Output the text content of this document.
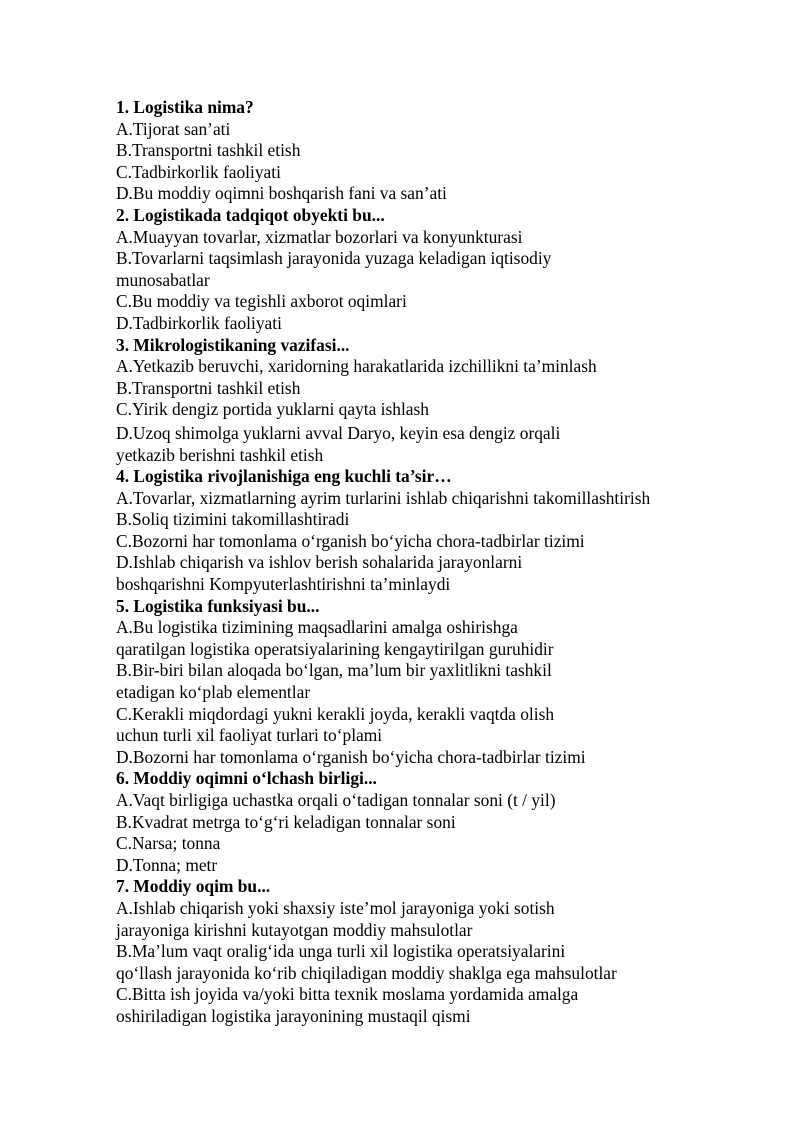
1. Logistika nima?
A.Tijorat san’ati
B.Transportni tashkil etish
C.Tadbirkorlik faoliyati
D.Bu moddiy oqimni boshqarish fani va san’ati
2. Logistikada tadqiqot obyekti bu...
A.Muayyan tovarlar, xizmatlar bozorlari va konyunkturasi
B.Tovarlarni taqsimlash jarayonida yuzaga keladigan iqtisodiy
munosabatlar
C.Bu moddiy va tegishli axborot oqimlari
D.Tadbirkorlik faoliyati
3. Mikrologistikaning vazifasi...
A.Yetkazib beruvchi, xaridorning harakatlarida izchillikni ta’minlash
B.Transportni tashkil etish
C.Yirik dengiz portida yuklarni qayta ishlash
D.Uzoq shimolga yuklarni avval Daryo, keyin esa dengiz orqali
yetkazib berishni tashkil etish
4. Logistika rivojlanishiga eng kuchli ta’sir…
A.Tovarlar, xizmatlarning ayrim turlarini ishlab chiqarishni takomillashtirish
B.Soliq tizimini takomillashtiradi
C.Bozorni har tomonlama o‘rganish bo‘yicha chora-tadbirlar tizimi
D.Ishlab chiqarish va ishlov berish sohalarida jarayonlarni
boshqarishni Kompyuterlashtirishni ta’minlaydi
5. Logistika funksiyasi bu...
A.Bu logistika tizimining maqsadlarini amalga oshirishga
qaratilgan logistika operatsiyalarining kengaytirilgan guruhidir
B.Bir-biri bilan aloqada bo‘lgan, ma’lum bir yaxlitlikni tashkil
etadigan ko‘plab elementlar
C.Kerakli miqdordagi yukni kerakli joyda, kerakli vaqtda olish
uchun turli xil faoliyat turlari to‘plami
D.Bozorni har tomonlama o‘rganish bo‘yicha chora-tadbirlar tizimi
6. Moddiy oqimni o‘lchash birligi...
A.Vaqt birligiga uchastka orqali o‘tadigan tonnalar soni (t / yil)
B.Kvadrat metrga to‘g‘ri keladigan tonnalar soni
C.Narsa; tonna
D.Tonna; metr
7. Moddiy oqim bu...
A.Ishlab chiqarish yoki shaxsiy iste’mol jarayoniga yoki sotish
jarayoniga kirishni kutayotgan moddiy mahsulotlar
B.Ma’lum vaqt oralig‘ida unga turli xil logistika operatsiyalarini
qo‘llash jarayonida ko‘rib chiqiladigan moddiy shaklga ega mahsulotlar
C.Bitta ish joyida va/yoki bitta texnik moslama yordamida amalga
oshiriladigan logistika jarayonining mustaqil qismi
